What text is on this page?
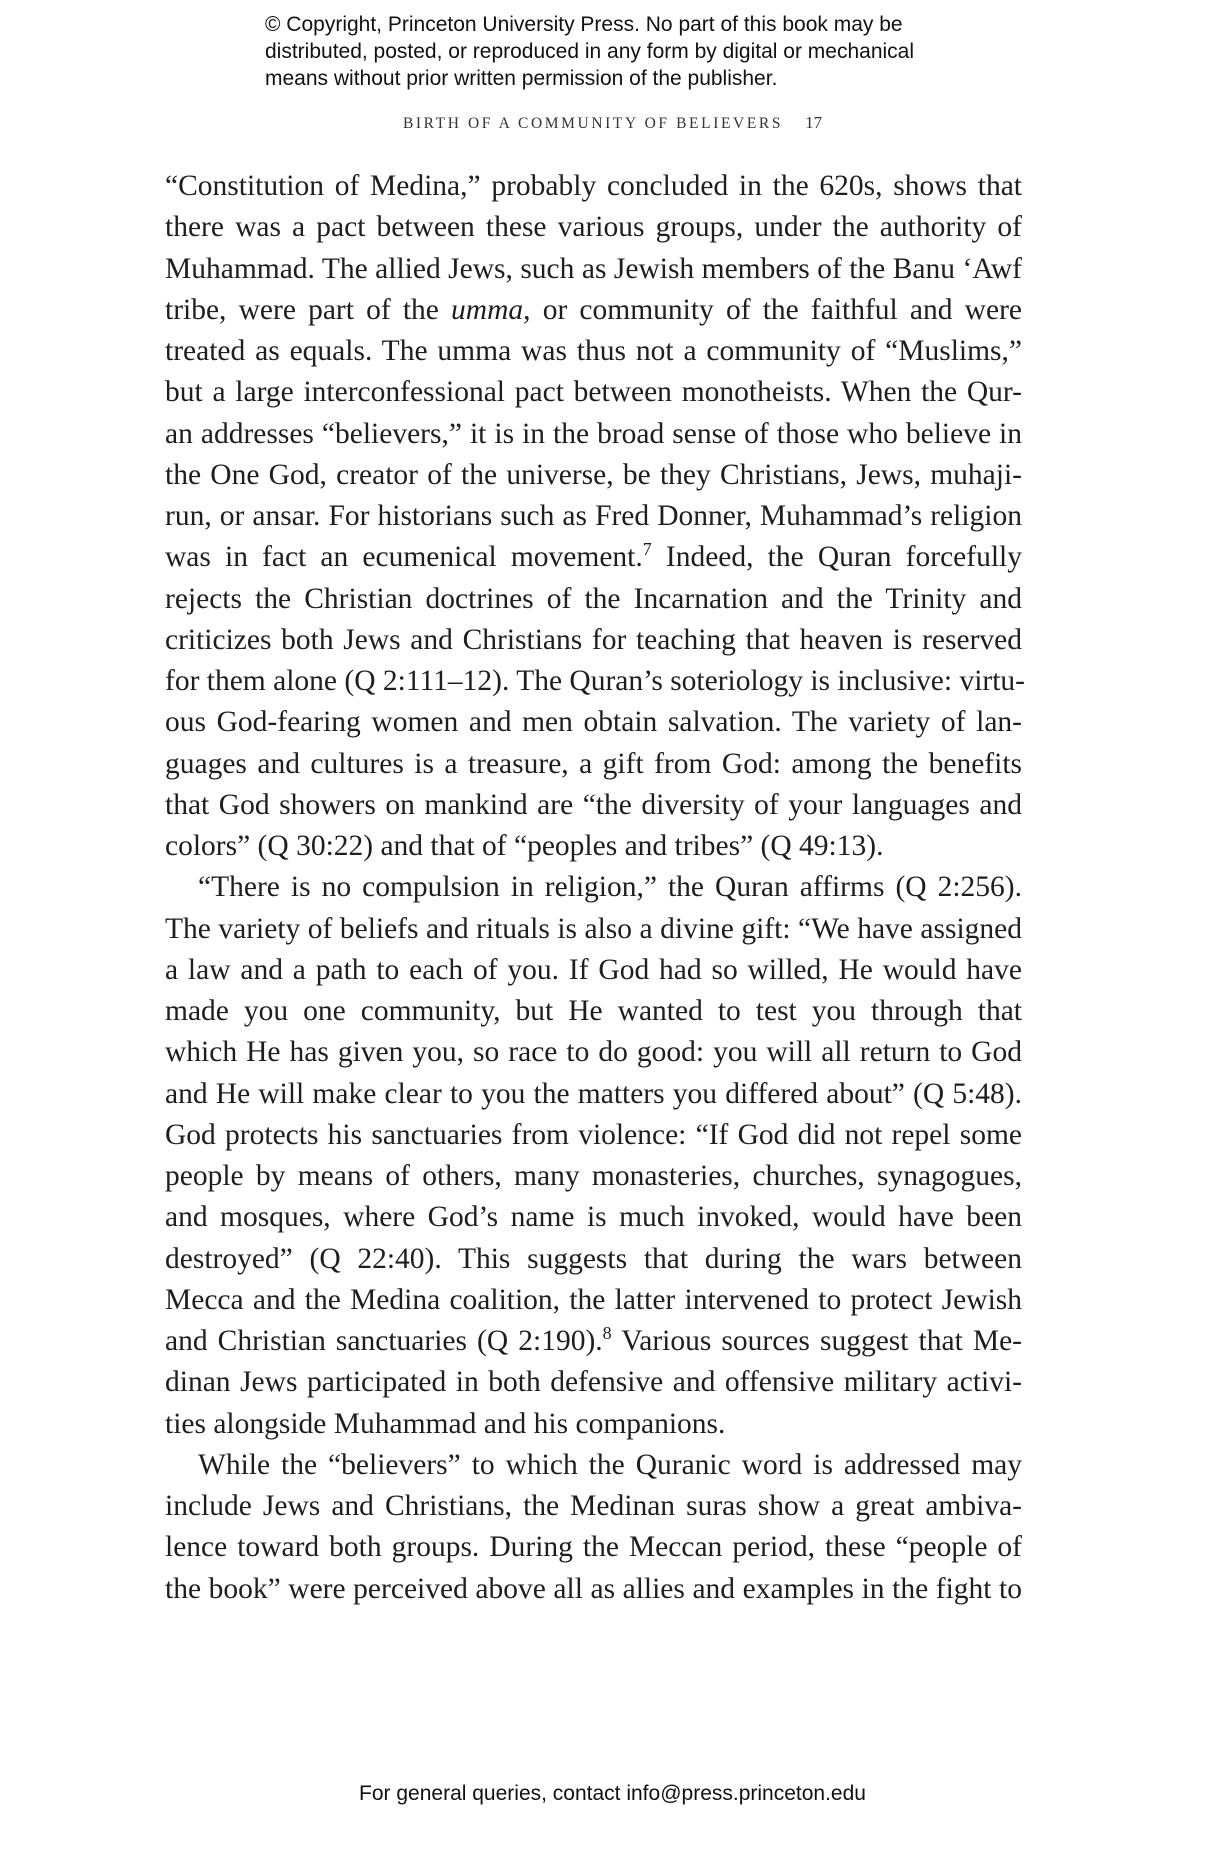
© Copyright, Princeton University Press. No part of this book may be
distributed, posted, or reproduced in any form by digital or mechanical
means without prior written permission of the publisher.
BIRTH OF A COMMUNITY OF BELIEVERS 17
“Constitution of Medina,” probably concluded in the 620s, shows that
there was a pact between these various groups, under the authority of
Muhammad. The allied Jews, such as Jewish members of the Banu ‘Awf
tribe, were part of the umma, or community of the faithful and were
treated as equals. The umma was thus not a community of “Muslims,”
but a large interconfessional pact between monotheists. When the Qur-
an addresses “believers,” it is in the broad sense of those who believe in
the One God, creator of the universe, be they Christians, Jews, muhaji-
run, or ansar. For historians such as Fred Donner, Muhammad’s religion
was in fact an ecumenical movement.$^7$ Indeed, the Quran forcefully
rejects the Christian doctrines of the Incarnation and the Trinity and
criticizes both Jews and Christians for teaching that heaven is reserved
for them alone (Q 2:111–12). The Quran’s soteriology is inclusive: virtu-
ous God-fearing women and men obtain salvation. The variety of lan-
guages and cultures is a treasure, a gift from God: among the benefits
that God showers on mankind are “the diversity of your languages and
colors” (Q 30:22) and that of “peoples and tribes” (Q 49:13).
“There is no compulsion in religion,” the Quran affirms (Q 2:256).
The variety of beliefs and rituals is also a divine gift: “We have assigned
a law and a path to each of you. If God had so willed, He would have
made you one community, but He wanted to test you through that
which He has given you, so race to do good: you will all return to God
and He will make clear to you the matters you differed about” (Q 5:48).
God protects his sanctuaries from violence: “If God did not repel some
people by means of others, many monasteries, churches, synagogues,
and mosques, where God’s name is much invoked, would have been
destroyed” (Q 22:40). This suggests that during the wars between
Mecca and the Medina coalition, the latter intervened to protect Jewish
and Christian sanctuaries (Q 2:190).$^8$ Various sources suggest that Me-
dinan Jews participated in both defensive and offensive military activi-
ties alongside Muhammad and his companions.
While the “believers” to which the Quranic word is addressed may
include Jews and Christians, the Medinan suras show a great ambiva-
lence toward both groups. During the Meccan period, these “people of
the book” were perceived above all as allies and examples in the fight to
For general queries, contact info@press.princeton.edu
